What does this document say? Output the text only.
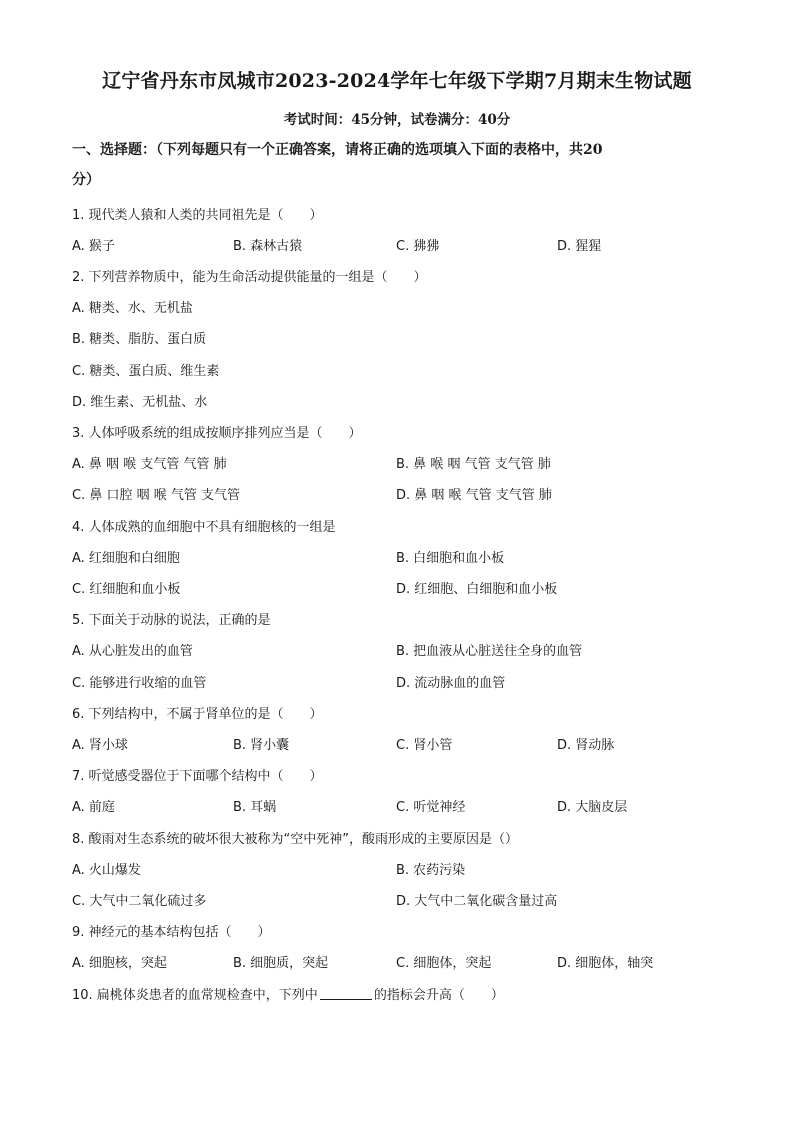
辽宁省丹东市凤城市2023-2024学年七年级下学期7月期末生物试题
考试时间：45分钟，试卷满分：40分
一、选择题：（下列每题只有一个正确答案，请将正确的选项填入下面的表格中，共20
分）
1. 现代类人猿和人类的共同祖先是（　　）
A. 猴子	B. 森林古猿	C. 狒狒	D. 猩猩
2. 下列营养物质中，能为生命活动提供能量的一组是（　　）
A. 糖类、水、无机盐
B. 糖类、脂肪、蛋白质
C. 糖类、蛋白质、维生素
D. 维生素、无机盐、水
3. 人体呼吸系统的组成按顺序排列应当是（　　）
A. 鼻 咽 喉 支气管 气管 肺	B. 鼻 喉 咽 气管 支气管 肺
C. 鼻 口腔 咽 喉 气管 支气管	D. 鼻 咽 喉 气管 支气管 肺
4. 人体成熟的血细胞中不具有细胞核的一组是
A. 红细胞和白细胞	B. 白细胞和血小板
C. 红细胞和血小板	D. 红细胞、白细胞和血小板
5. 下面关于动脉的说法，正确的是
A. 从心脏发出的血管	B. 把血液从心脏送往全身的血管
C. 能够进行收缩的血管	D. 流动脉血的血管
6. 下列结构中，不属于肾单位的是（　　）
A. 肾小球	B. 肾小囊	C. 肾小管	D. 肾动脉
7. 听觉感受器位于下面哪个结构中（　　）
A. 前庭	B. 耳蜗	C. 听觉神经	D. 大脑皮层
8. 酸雨对生态系统的破坏很大被称为“空中死神”，酸雨形成的主要原因是（）
A. 火山爆发	B. 农药污染
C. 大气中二氧化硫过多	D. 大气中二氧化碳含量过高
9. 神经元的基本结构包括（　　）
A. 细胞核，突起	B. 细胞质，突起	C. 细胞体，突起	D. 细胞体，轴突
10. 扁桃体炎患者的血常规检查中，下列中	的指标会升高（　　）
